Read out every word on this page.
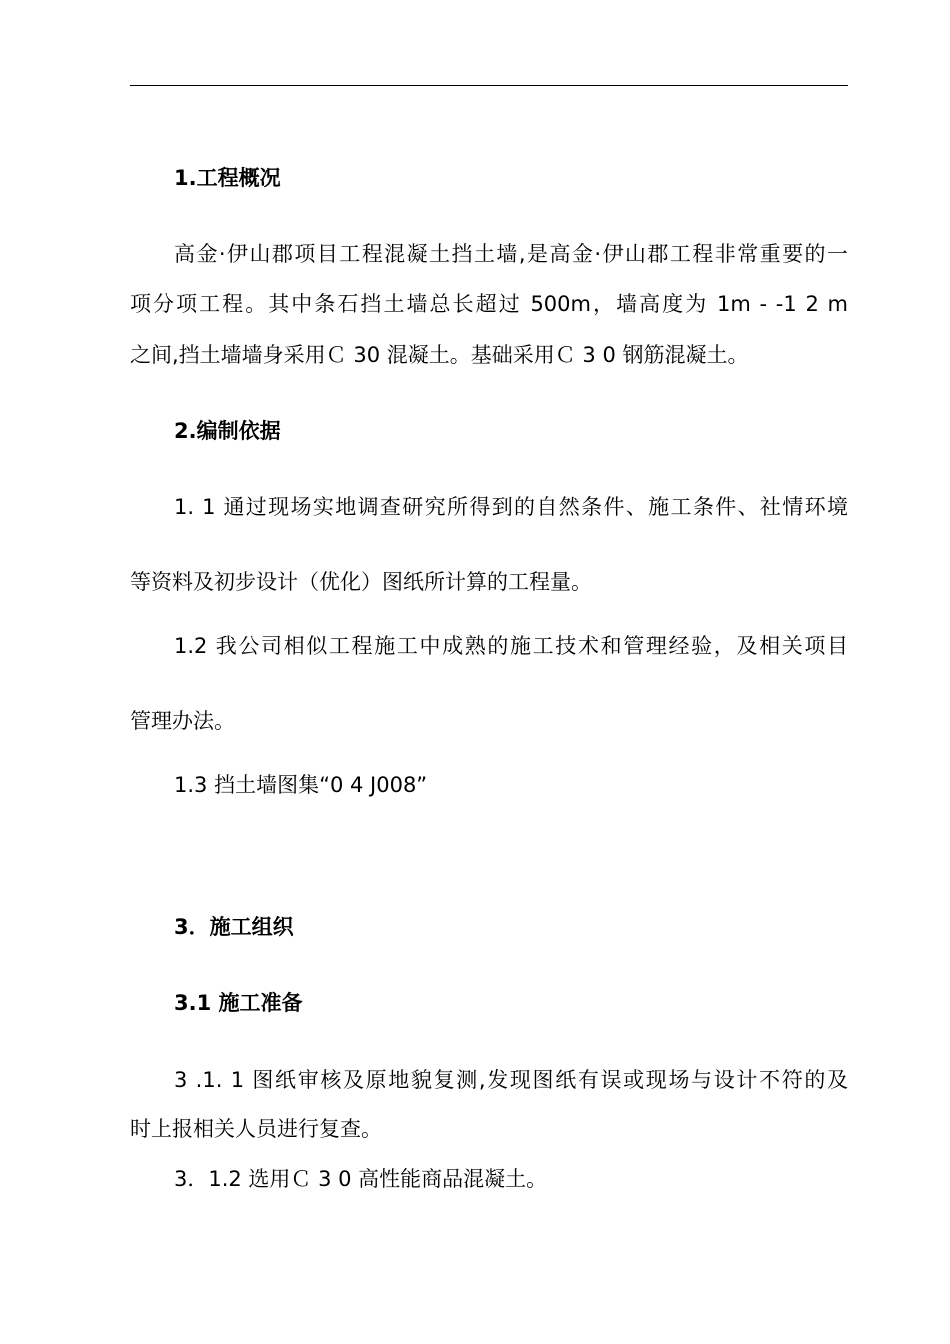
1.工程概况
高金·伊山郡项目工程混凝土挡土墙,是高金·伊山郡工程非常重要的一
项分项工程。其中条石挡土墙总长超过 500m，墙高度为 1m - -1 2 m
之间,挡土墙墙身采用Ｃ 30 混凝土。基础采用Ｃ 3 0 钢筋混凝土。
2.编制依据
1. 1 通过现场实地调查研究所得到的自然条件、施工条件、社情环境
等资料及初步设计（优化）图纸所计算的工程量。
1.2 我公司相似工程施工中成熟的施工技术和管理经验，及相关项目
管理办法。
1.3 挡土墙图集“0 4 J008”
3．施工组织
3.1 施工准备
3 .1. 1 图纸审核及原地貌复测,发现图纸有误或现场与设计不符的及
时上报相关人员进行复查。
3．1.2 选用Ｃ 3 0 高性能商品混凝土。
